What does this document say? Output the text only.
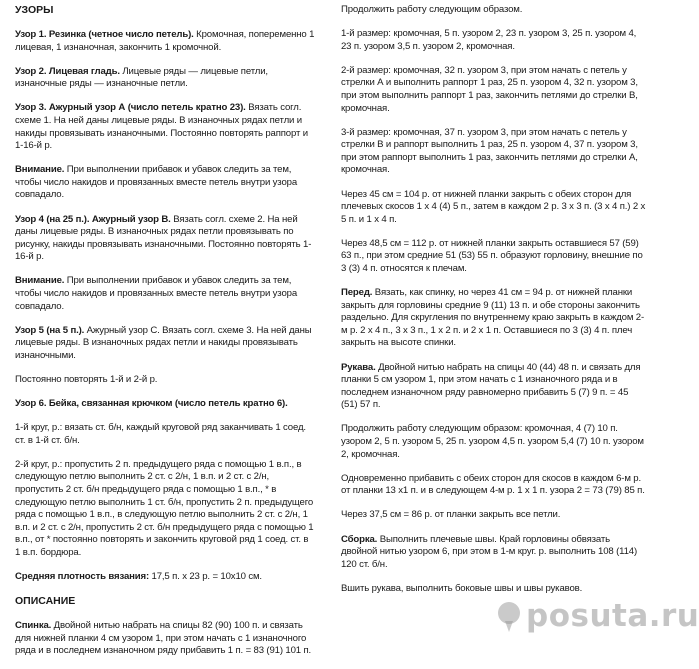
УЗОРЫ

Узор 1. Резинка (четное число петель). Кромочная, попеременно 1 лицевая, 1 изнаночная, закончить 1 кромочной.

Узор 2. Лицевая гладь. Лицевые ряды — лицевые петли, изнаночные ряды — изнаночные петли.

Узор 3. Ажурный узор А (число петель кратно 23). Вязать согл. схеме 1. На ней даны лицевые ряды. В изнаночных рядах петли и накиды провязывать изнаночными. Постоянно повторять раппорт и 1-16-й р.

Внимание. При выполнении прибавок и убавок следить за тем, чтобы число накидов и провязанных вместе петель внутри узора совпадало.

Узор 4 (на 25 п.). Ажурный узор В. Вязать согл. схеме 2. На ней даны лицевые ряды. В изнаночных рядах петли провязывать по рисунку, накиды провязывать изнаночными. Постоянно повторять 1-16-й р.

Внимание. При выполнении прибавок и убавок следить за тем, чтобы число накидов и провязанных вместе петель внутри узора совпадало.

Узор 5 (на 5 п.). Ажурный узор С. Вязать согл. схеме 3. На ней даны лицевые ряды. В изнаночных рядах петли и накиды провязывать изнаночными.

Постоянно повторять 1-й и 2-й р.

Узор 6. Бейка, связанная крючком (число петель кратно 6).

1-й круг, р.: вязать ст. б/н, каждый круговой ряд заканчивать 1 соед. ст. в 1-й ст. б/н.

2-й круг, р.: пропустить 2 п. предыдущего ряда с помощью 1 в.п., в следующую петлю выполнить 2 ст. с 2/н, 1 в.п. и 2 ст. с 2/н, пропустить 2 ст. б/н предыдущего ряда с помощью 1 в.п., * в следующую петлю выполнить 1 ст. б/н, пропустить 2 п. предыдущего ряда с помощью 1 в.п., в следующую петлю выполнить 2 ст. с 2/н, 1 в.п. и 2 ст. с 2/н, пропустить 2 ст. б/н предыдущего ряда с помощью 1 в.п., от * постоянно повторять и закончить круговой ряд 1 соед. ст. в 1 в.п. бордюра.

Средняя плотность вязания: 17,5 п. х 23 р. = 10х10 см.

ОПИСАНИЕ

Спинка. Двойной нитью набрать на спицы 82 (90) 100 п. и связать для нижней планки 4 см узором 1, при этом начать с 1 изнаночного ряда и в последнем изнаночном ряду прибавить 1 п. = 83 (91) 101 п.

Продолжить работу следующим образом.

1-й размер: кромочная, 5 п. узором 2, 23 п. узором 3, 25 п. узором 4, 23 п. узором 3,5 п. узором 2, кромочная.

2-й размер: кромочная, 32 п. узором 3, при этом начать с петель у стрелки А и выполнить раппорт 1 раз, 25 п. узором 4, 32 п. узором 3, при этом выполнить раппорт 1 раз, закончить петлями до стрелки В, кромочная.

3-й размер: кромочная, 37 п. узором 3, при этом начать с петель у стрелки В и раппорт выполнить 1 раз, 25 п. узором 4, 37 п. узором 3, при этом раппорт выполнить 1 раз, закончить петлями до стрелки А, кромочная.

Через 45 см = 104 р. от нижней планки закрыть с обеих сторон для плечевых скосов 1 х 4 (4) 5 п., затем в каждом 2 р. 3 х 3 п. (3 х 4 п.) 2 х 5 п. и 1 х 4 п.

Через 48,5 см = 112 р. от нижней планки закрыть оставшиеся 57 (59) 63 п., при этом средние 51 (53) 55 п. образуют горловину, внешние по 3 (3) 4 п. относятся к плечам.

Перед. Вязать, как спинку, но через 41 см = 94 р. от нижней планки закрыть для горловины средние 9 (11) 13 п. и обе стороны закончить раздельно. Для скругления по внутреннему краю закрыть в каждом 2- м р. 2 х 4 п., 3 х 3 п., 1 х 2 п. и 2 х 1 п. Оставшиеся по 3 (3) 4 п. плеч закрыть на высоте спинки.

Рукава. Двойной нитью набрать на спицы 40 (44) 48 п. и связать для планки 5 см узором 1, при этом начать с 1 изнаночного ряда и в последнем изнаночном ряду равномерно прибавить 5 (7) 9 п. = 45 (51) 57 п.

Продолжить работу следующим образом: кромочная, 4 (7) 10 п. узором 2, 5 п. узором 5, 25 п. узором 4,5 п. узором 5,4 (7) 10 п. узором 2, кромочная.

Одновременно прибавить с обеих сторон для скосов в каждом 6-м р. от планки 13 х1 п. и в следующем 4-м р. 1 х 1 п. узора 2 = 73 (79) 85 п.

Через 37,5 см = 86 р. от планки закрыть все петли.

Сборка. Выполнить плечевые швы. Край горловины обвязать двойной нитью узором 6, при этом в 1-м круг. р. выполнить 108 (114) 120 ст. б/н.

Вшить рукава, выполнить боковые швы и швы рукавов.

posuta.ru
